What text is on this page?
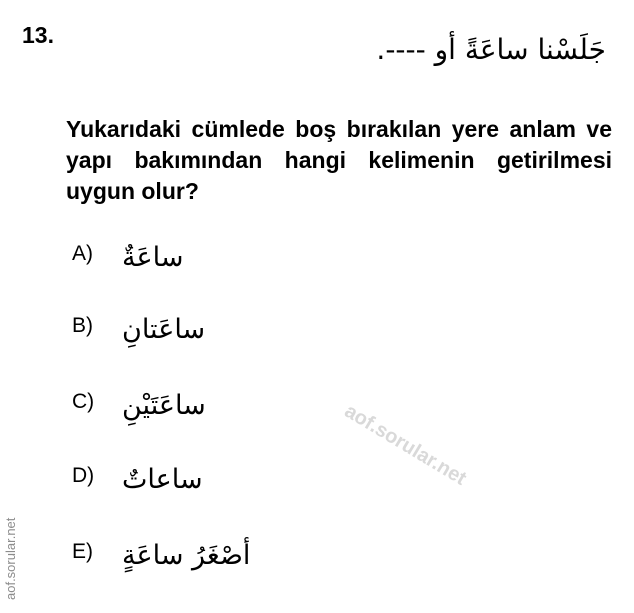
13.	جَلَسْنا ساعَةً أو ----.
Yukarıdaki cümlede boş bırakılan yere anlam ve yapı bakımından hangi kelimenin getirilmesi uygun olur?
A) ساعَةٌ
B) ساعَتانِ
C) ساعَتَيْنِ
D) ساعاتٌ
E) أصْغَرُ ساعَةٍ
aof.sorular.net
aof.sorular.net
